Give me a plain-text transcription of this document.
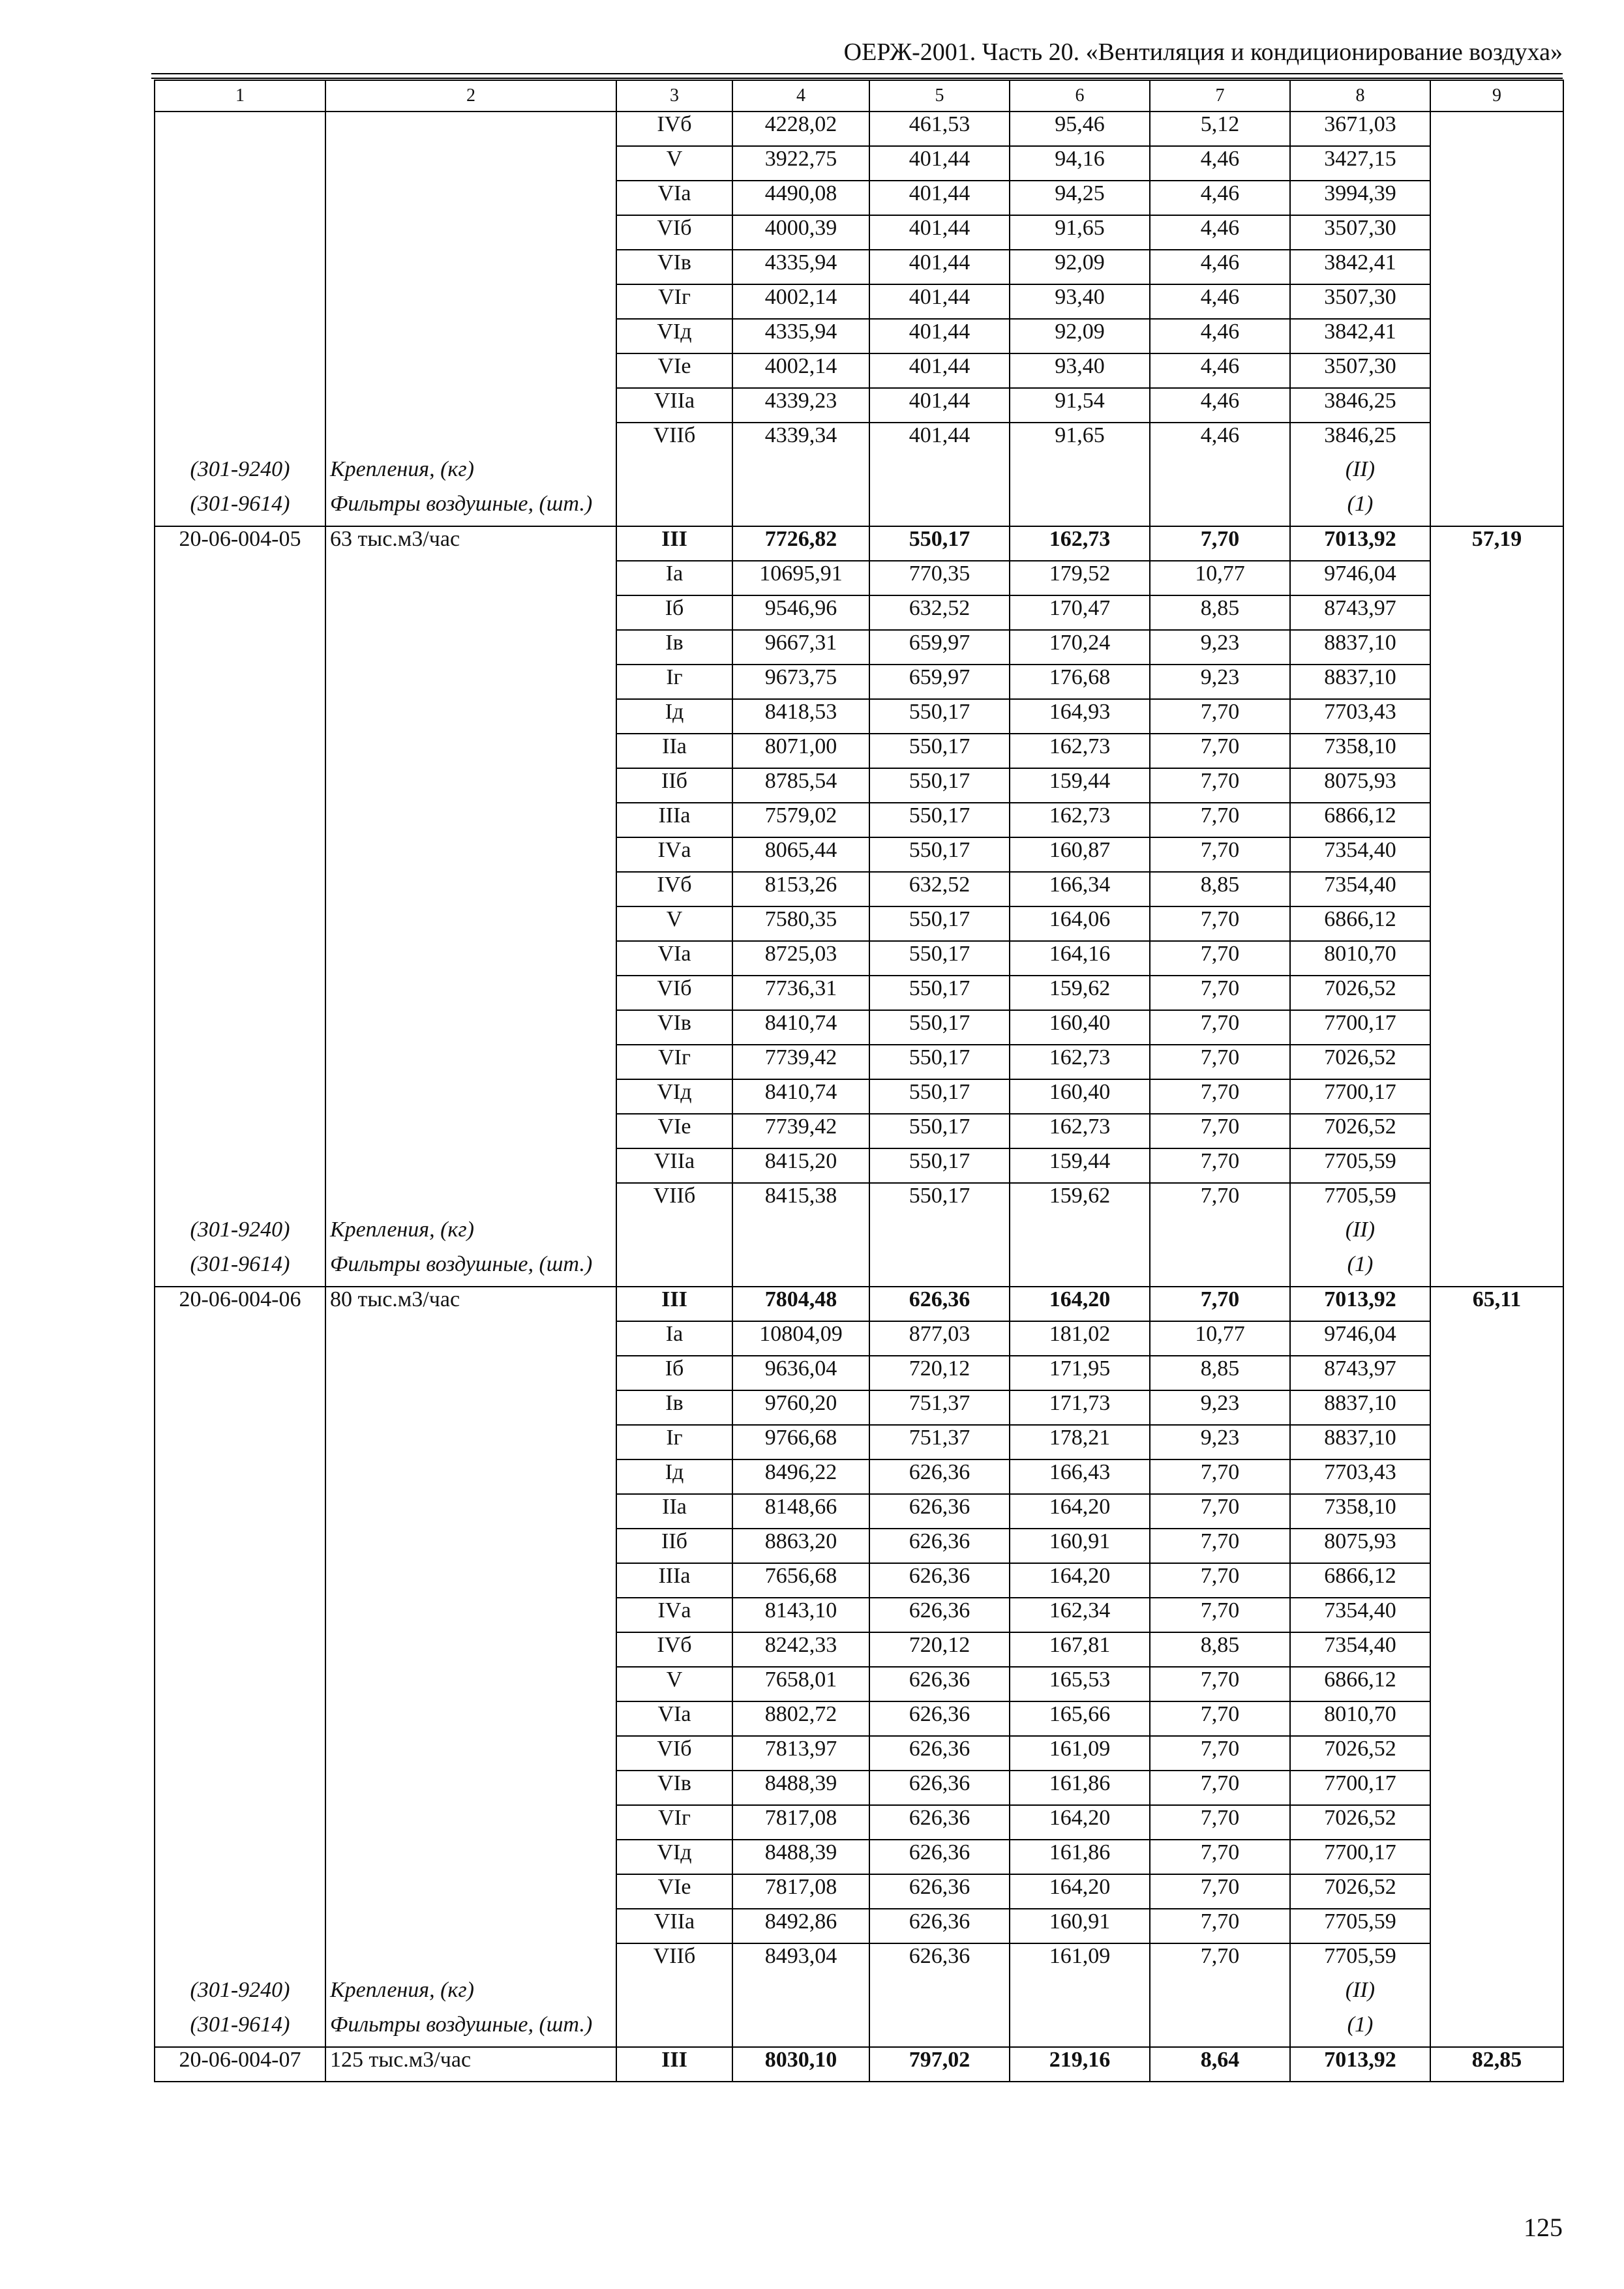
ОЕРЖ-2001. Часть 20. «Вентиляция и кондиционирование воздуха»
1	2	3	4	5	6	7	8	9
		IVб	4228,02	461,53	95,46	5,12	3671,03	
		V	3922,75	401,44	94,16	4,46	3427,15	
		VIа	4490,08	401,44	94,25	4,46	3994,39	
		VIб	4000,39	401,44	91,65	4,46	3507,30	
		VIв	4335,94	401,44	92,09	4,46	3842,41	
		VIг	4002,14	401,44	93,40	4,46	3507,30	
		VIд	4335,94	401,44	92,09	4,46	3842,41	
		VIе	4002,14	401,44	93,40	4,46	3507,30	
		VIIа	4339,23	401,44	91,54	4,46	3846,25	
		VIIб	4339,34	401,44	91,65	4,46	3846,25	
(301-9240)	Крепления, (кг)						(II)	
(301-9614)	Фильтры воздушные, (шт.)						(1)	
20-06-004-05	63 тыс.м3/час	III	7726,82	550,17	162,73	7,70	7013,92	57,19
		Iа	10695,91	770,35	179,52	10,77	9746,04	
		Iб	9546,96	632,52	170,47	8,85	8743,97	
		Iв	9667,31	659,97	170,24	9,23	8837,10	
		Iг	9673,75	659,97	176,68	9,23	8837,10	
		Iд	8418,53	550,17	164,93	7,70	7703,43	
		IIа	8071,00	550,17	162,73	7,70	7358,10	
		IIб	8785,54	550,17	159,44	7,70	8075,93	
		IIIа	7579,02	550,17	162,73	7,70	6866,12	
		IVа	8065,44	550,17	160,87	7,70	7354,40	
		IVб	8153,26	632,52	166,34	8,85	7354,40	
		V	7580,35	550,17	164,06	7,70	6866,12	
		VIа	8725,03	550,17	164,16	7,70	8010,70	
		VIб	7736,31	550,17	159,62	7,70	7026,52	
		VIв	8410,74	550,17	160,40	7,70	7700,17	
		VIг	7739,42	550,17	162,73	7,70	7026,52	
		VIд	8410,74	550,17	160,40	7,70	7700,17	
		VIе	7739,42	550,17	162,73	7,70	7026,52	
		VIIа	8415,20	550,17	159,44	7,70	7705,59	
		VIIб	8415,38	550,17	159,62	7,70	7705,59	
(301-9240)	Крепления, (кг)						(II)	
(301-9614)	Фильтры воздушные, (шт.)						(1)	
20-06-004-06	80 тыс.м3/час	III	7804,48	626,36	164,20	7,70	7013,92	65,11
		Iа	10804,09	877,03	181,02	10,77	9746,04	
		Iб	9636,04	720,12	171,95	8,85	8743,97	
		Iв	9760,20	751,37	171,73	9,23	8837,10	
		Iг	9766,68	751,37	178,21	9,23	8837,10	
		Iд	8496,22	626,36	166,43	7,70	7703,43	
		IIа	8148,66	626,36	164,20	7,70	7358,10	
		IIб	8863,20	626,36	160,91	7,70	8075,93	
		IIIа	7656,68	626,36	164,20	7,70	6866,12	
		IVа	8143,10	626,36	162,34	7,70	7354,40	
		IVб	8242,33	720,12	167,81	8,85	7354,40	
		V	7658,01	626,36	165,53	7,70	6866,12	
		VIа	8802,72	626,36	165,66	7,70	8010,70	
		VIб	7813,97	626,36	161,09	7,70	7026,52	
		VIв	8488,39	626,36	161,86	7,70	7700,17	
		VIг	7817,08	626,36	164,20	7,70	7026,52	
		VIд	8488,39	626,36	161,86	7,70	7700,17	
		VIе	7817,08	626,36	164,20	7,70	7026,52	
		VIIа	8492,86	626,36	160,91	7,70	7705,59	
		VIIб	8493,04	626,36	161,09	7,70	7705,59	
(301-9240)	Крепления, (кг)						(II)	
(301-9614)	Фильтры воздушные, (шт.)						(1)	
20-06-004-07	125 тыс.м3/час	III	8030,10	797,02	219,16	8,64	7013,92	82,85
125
